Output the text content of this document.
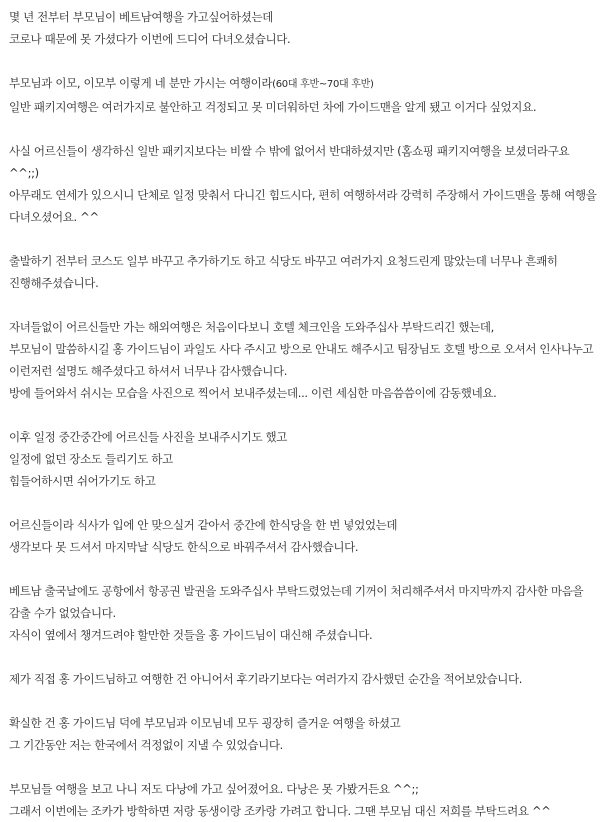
몇 년 전부터 부모님이 베트남여행을 가고싶어하셨는데
코로나 때문에 못 가셨다가 이번에 드디어 다녀오셨습니다.
부모님과 이모, 이모부 이렇게 네 분만 가시는 여행이라(60대 후반~70대 후반)
일반 패키지여행은 여러가지로 불안하고 걱정되고 못 미더워하던 차에 가이드맨을 알게 됐고 이거다 싶었지요.
사실 어르신들이 생각하신 일반 패키지보다는 비쌀 수 밖에 없어서 반대하셨지만 (홈쇼핑 패키지여행을 보셨더라구요 ^^;;)
아무래도 연세가 있으시니 단체로 일정 맞춰서 다니긴 힘드시다, 편히 여행하셔라 강력히 주장해서 가이드맨을 통해 여행을 다녀오셨어요. ^^
출발하기 전부터 코스도 일부 바꾸고 추가하기도 하고 식당도 바꾸고 여러가지 요청드린게 많았는데 너무나 흔쾌히 진행해주셨습니다.
자녀들없이 어르신들만 가는 해외여행은 처음이다보니 호텔 체크인을 도와주십사 부탁드리긴 했는데,
부모님이 말씀하시길 홍 가이드님이 과일도 사다 주시고 방으로 안내도 해주시고 팀장님도 호텔 방으로 오셔서 인사나누고 이런저런 설명도 해주셨다고 하셔서 너무나 감사했습니다.
방에 들어와서 쉬시는 모습을 사진으로 찍어서 보내주셨는데... 이런 세심한 마음씀씀이에 감동했네요.
이후 일정 중간중간에 어르신들 사진을 보내주시기도 했고
일정에 없던 장소도 들리기도 하고
힘들어하시면 쉬어가기도 하고
어르신들이라 식사가 입에 안 맞으실거 같아서 중간에 한식당을 한 번 넣었었는데
생각보다 못 드셔서 마지막날 식당도 한식으로 바꿔주셔서 감사했습니다.
베트남 출국날에도 공항에서 항공권 발권을 도와주십사 부탁드렸었는데 기꺼이 처리해주셔서 마지막까지 감사한 마음을 감출 수가 없었습니다.
자식이 옆에서 챙겨드려야 할만한 것들을 홍 가이드님이 대신해 주셨습니다.
제가 직접 홍 가이드님하고 여행한 건 아니어서 후기라기보다는 여러가지 감사했던 순간을 적어보았습니다.
확실한 건 홍 가이드님 덕에 부모님과 이모님네 모두 굉장히 즐거운 여행을 하셨고
그 기간동안 저는 한국에서 걱정없이 지낼 수 있었습니다.
부모님들 여행을 보고 나니 저도 다낭에 가고 싶어졌어요. 다낭은 못 가봤거든요 ^^;;
그래서 이번에는 조카가 방학하면 저랑 동생이랑 조카랑 가려고 합니다. 그땐 부모님 대신 저희를 부탁드려요 ^^
